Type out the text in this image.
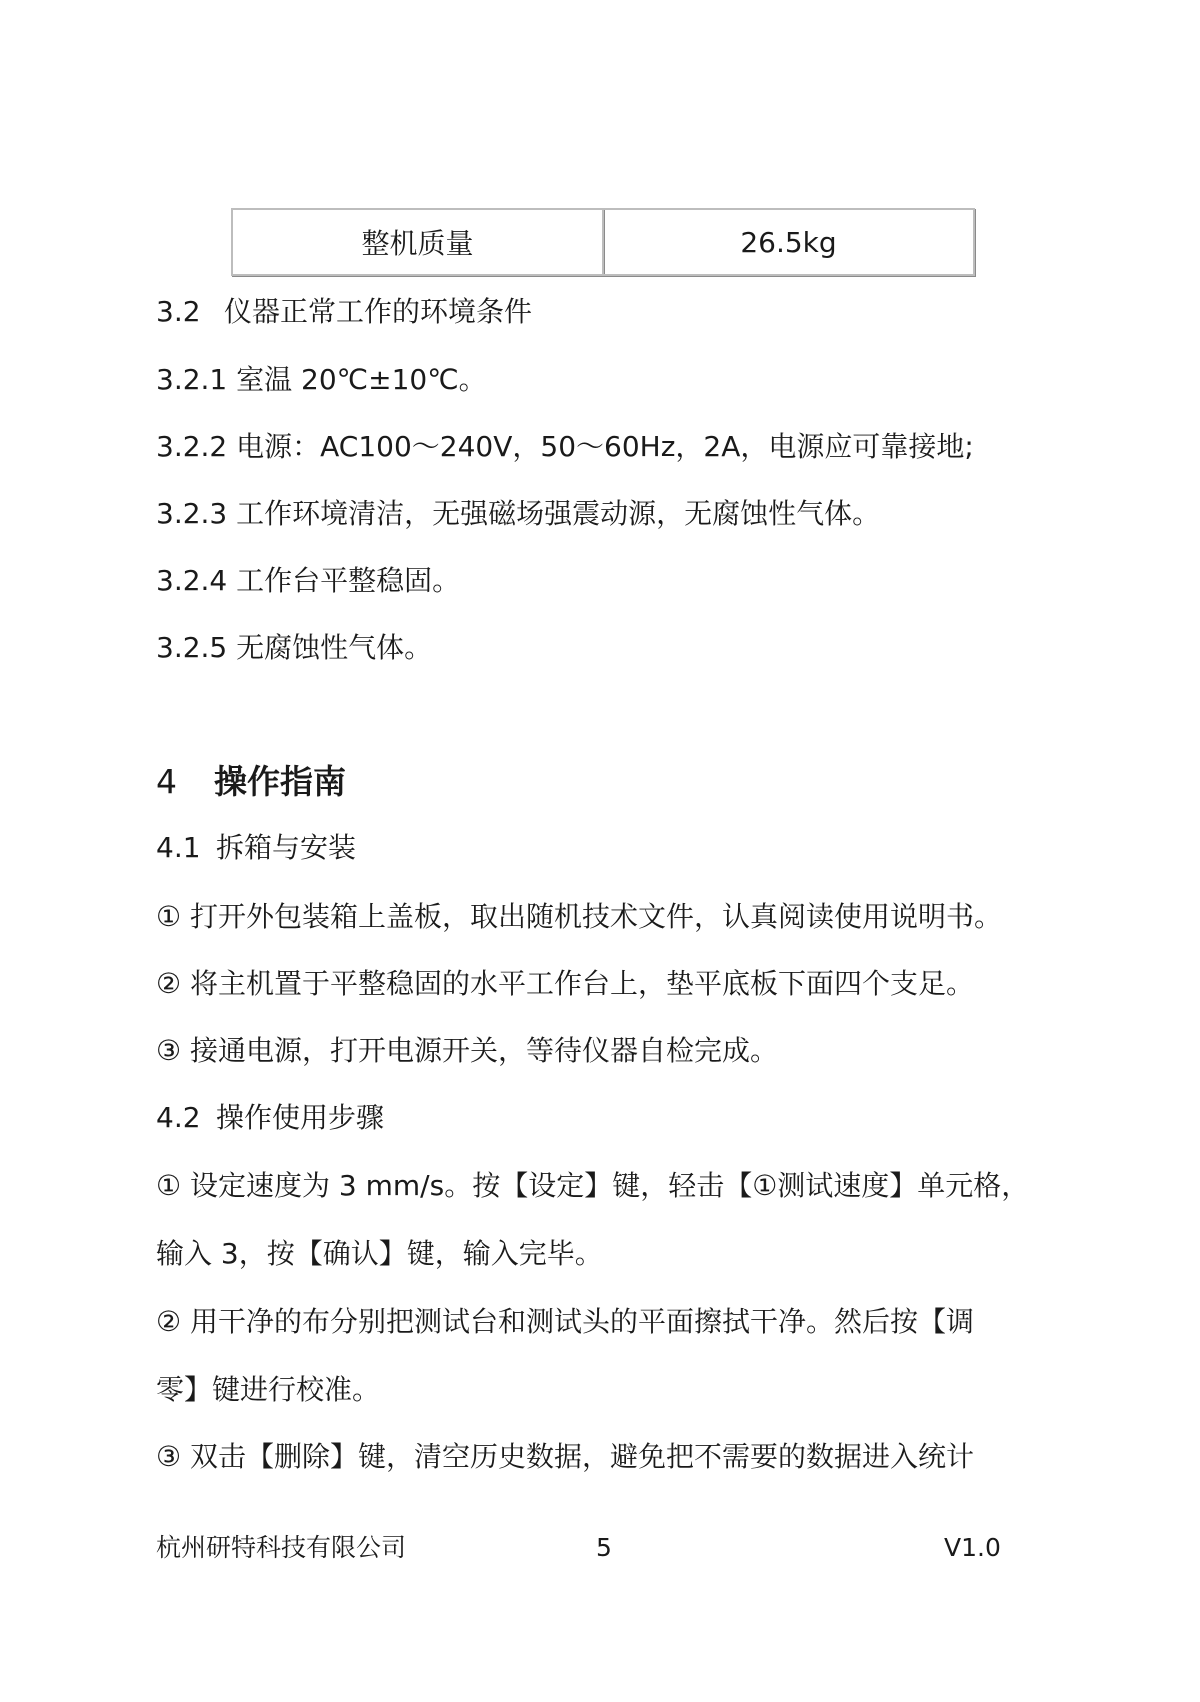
整机质量	26.5kg
3.2 仪器正常工作的环境条件
3.2.1 室温 20℃±10℃。
3.2.2 电源：AC100～240V，50～60Hz，2A，电源应可靠接地;
3.2.3 工作环境清洁，无强磁场强震动源，无腐蚀性气体。
3.2.4 工作台平整稳固。
3.2.5 无腐蚀性气体。
4 操作指南
4.1 拆箱与安装
① 打开外包装箱上盖板，取出随机技术文件，认真阅读使用说明书。
② 将主机置于平整稳固的水平工作台上，垫平底板下面四个支足。
③ 接通电源，打开电源开关，等待仪器自检完成。
4.2 操作使用步骤
① 设定速度为 3 mm/s。按【设定】键，轻击【①测试速度】单元格，
输入 3，按【确认】键，输入完毕。
② 用干净的布分别把测试台和测试头的平面擦拭干净。然后按【调
零】键进行校准。
③ 双击【删除】键，清空历史数据，避免把不需要的数据进入统计
杭州研特科技有限公司	5	V1.0
